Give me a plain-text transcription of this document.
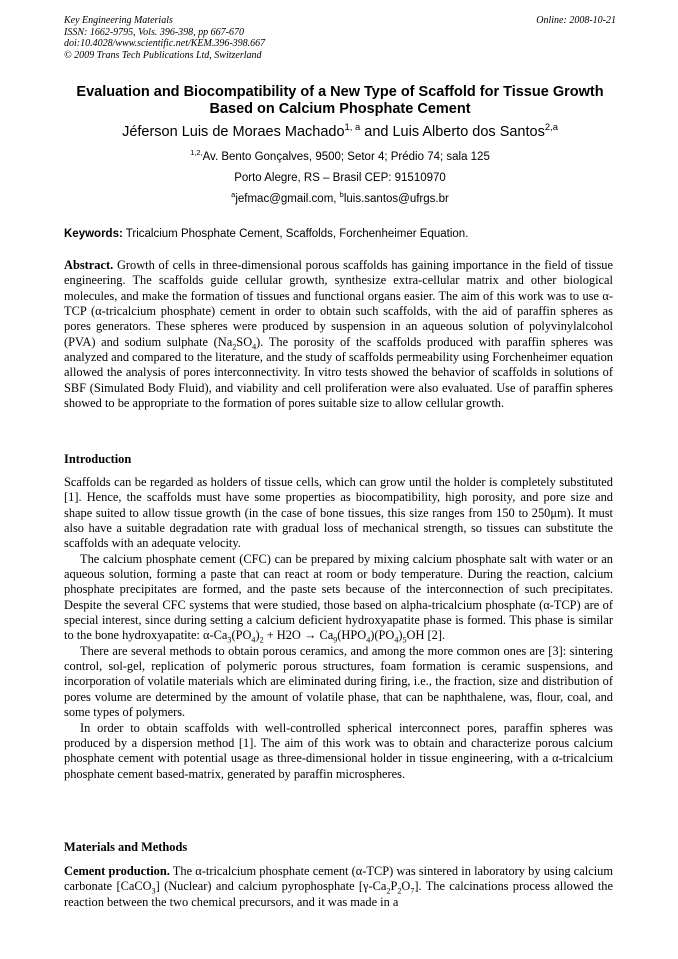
Key Engineering Materials
ISSN: 1662-9795, Vols. 396-398, pp 667-670
doi:10.4028/www.scientific.net/KEM.396-398.667
© 2009 Trans Tech Publications Ltd, Switzerland
Online: 2008-10-21
Evaluation and Biocompatibility of a New Type of Scaffold for Tissue Growth Based on Calcium Phosphate Cement
Jéferson Luis de Moraes Machado$^{1, a}$ and Luis Alberto dos Santos$^{2,a}$
$^{1,2,}$Av. Bento Gonçalves, 9500; Setor 4; Prédio 74; sala 125
Porto Alegre, RS – Brasil CEP: 91510970
$^a$jefmac@gmail.com, $^b$luis.santos@ufrgs.br
Keywords: Tricalcium Phosphate Cement, Scaffolds, Forchenheimer Equation.

Abstract. Growth of cells in three-dimensional porous scaffolds has gaining importance in the field of tissue engineering. The scaffolds guide cellular growth, synthesize extra-cellular matrix and other biological molecules, and make the formation of tissues and functional organs easier. The aim of this work was to use α-TCP (α-tricalcium phosphate) cement in order to obtain such scaffolds, with the aid of paraffin spheres as pores generators. These spheres were produced by suspension in an aqueous solution of polyvinylalcohol (PVA) and sodium sulphate $(Na_2SO_4)$. The porosity of the scaffolds produced with paraffin spheres was analyzed and compared to the literature, and the study of scaffolds permeability using Forchenheimer equation allowed the analysis of pores interconnectivity. In vitro tests showed the behavior of scaffolds in solutions of SBF (Simulated Body Fluid), and viability and cell proliferation were also evaluated. Use of paraffin spheres showed to be appropriate to the formation of pores suitable size to allow cellular growth.

Introduction

Scaffolds can be regarded as holders of tissue cells, which can grow until the holder is completely substituted [1]. Hence, the scaffolds must have some properties as biocompatibility, high porosity, and pore size and shape suited to allow tissue growth (in the case of bone tissues, this size ranges from 150 to 250μm). It must also have a suitable degradation rate with gradual loss of mechanical strength, so tissues can substitute the scaffolds with an adequate velocity.

The calcium phosphate cement (CFC) can be prepared by mixing calcium phosphate salt with water or an aqueous solution, forming a paste that can react at room or body temperature. During the reaction, calcium phosphate precipitates are formed, and the paste sets because of the interconnection of such precipitates. Despite the several CFC systems that were studied, those based on alpha-tricalcium phosphate (α-TCP) are of special interest, since during setting a calcium deficient hydroxyapatite phase is formed. This phase is similar to the bone hydroxyapatite: $\alpha-Ca_3(PO_4)_2 + H2O \to Ca_9(HPO_4)(PO_4)_5OH$ [2].

There are several methods to obtain porous ceramics, and among the more common ones are [3]: sintering control, sol-gel, replication of polymeric porous structures, foam formation is ceramic suspensions, and incorporation of volatile materials which are eliminated during firing, i.e., the fraction, size and distribution of pores volume are determined by the amount of volatile phase, that can be naphthalene, was, flour, coal, and some types of polymers.

In order to obtain scaffolds with well-controlled spherical interconnect pores, paraffin spheres was produced by a dispersion method [1]. The aim of this work was to obtain and characterize porous calcium phosphate cement with potential usage as three-dimensional holder in tissue engineering, with a α-tricalcium phosphate cement based-matrix, generated by paraffin microspheres.

Materials and Methods

Cement production. The α-tricalcium phosphate cement (α-TCP) was sintered in laboratory by using calcium carbonate [CaCO$_3$] (Nuclear) and calcium pyrophosphate $[\gamma-Ca_2P_2O_7]$. The calcinations process allowed the reaction between the two chemical precursors, and it was made in a
